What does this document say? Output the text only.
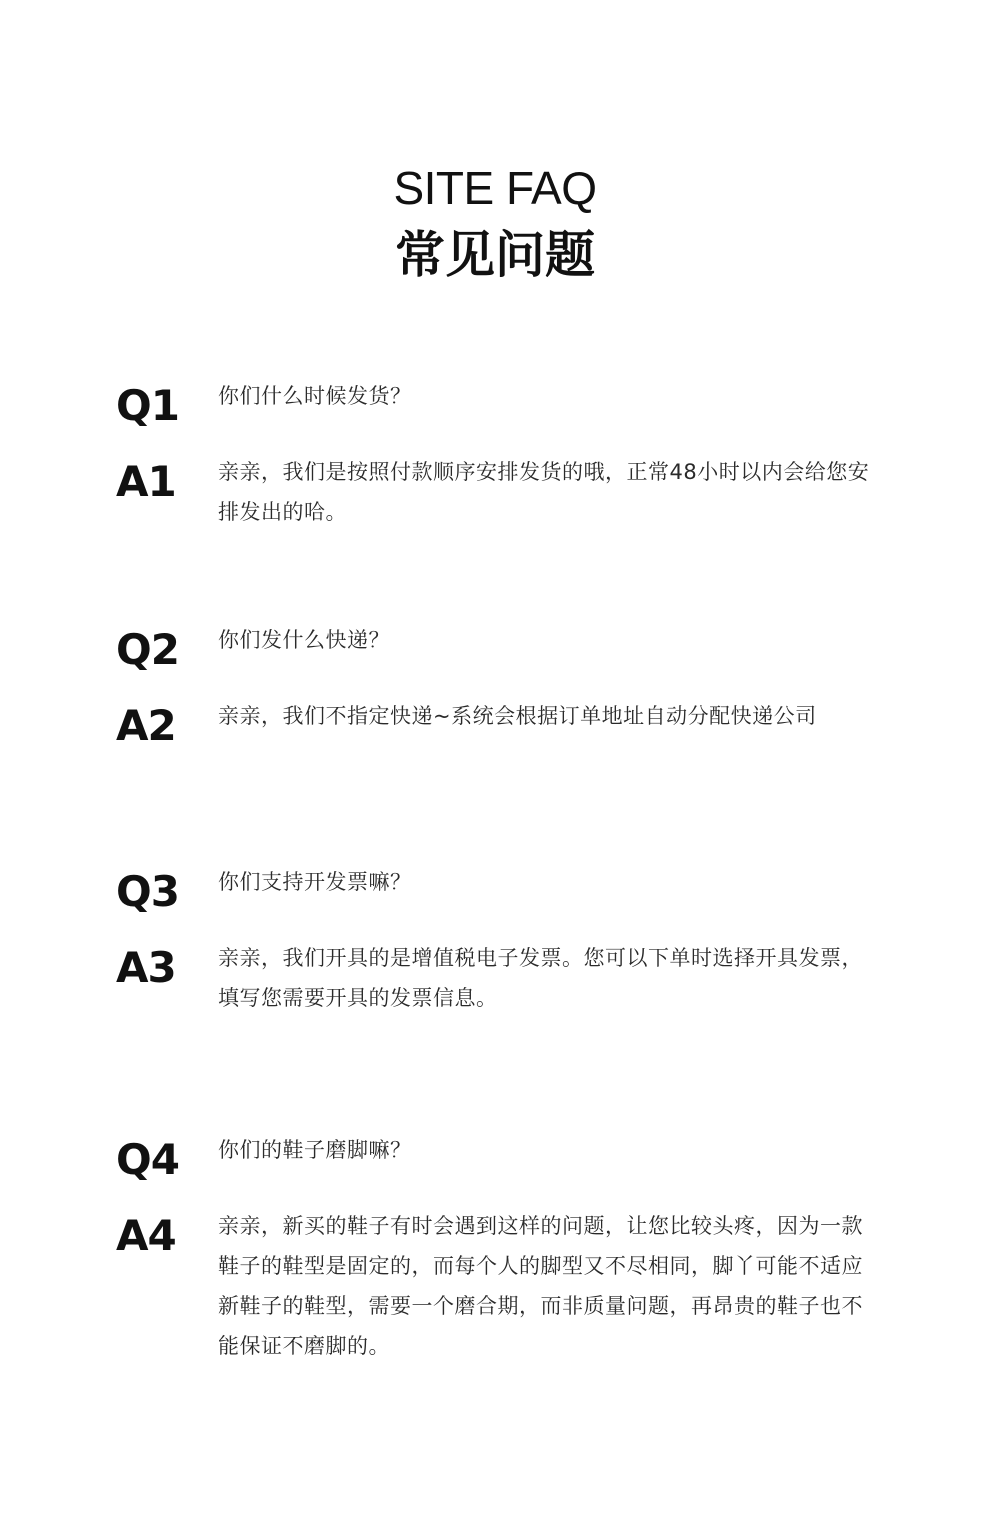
SITE FAQ
常见问题
Q1	你们什么时候发货？
A1	亲亲，我们是按照付款顺序安排发货的哦，正常48小时以内会给您安排发出的哈。
Q2	你们发什么快递？
A2	亲亲，我们不指定快递~系统会根据订单地址自动分配快递公司
Q3	你们支持开发票嘛？
A3	亲亲，我们开具的是增值税电子发票。您可以下单时选择开具发票，填写您需要开具的发票信息。
Q4	你们的鞋子磨脚嘛？
A4	亲亲，新买的鞋子有时会遇到这样的问题，让您比较头疼，因为一款鞋子的鞋型是固定的，而每个人的脚型又不尽相同，脚丫可能不适应新鞋子的鞋型，需要一个磨合期，而非质量问题，再昂贵的鞋子也不能保证不磨脚的。
